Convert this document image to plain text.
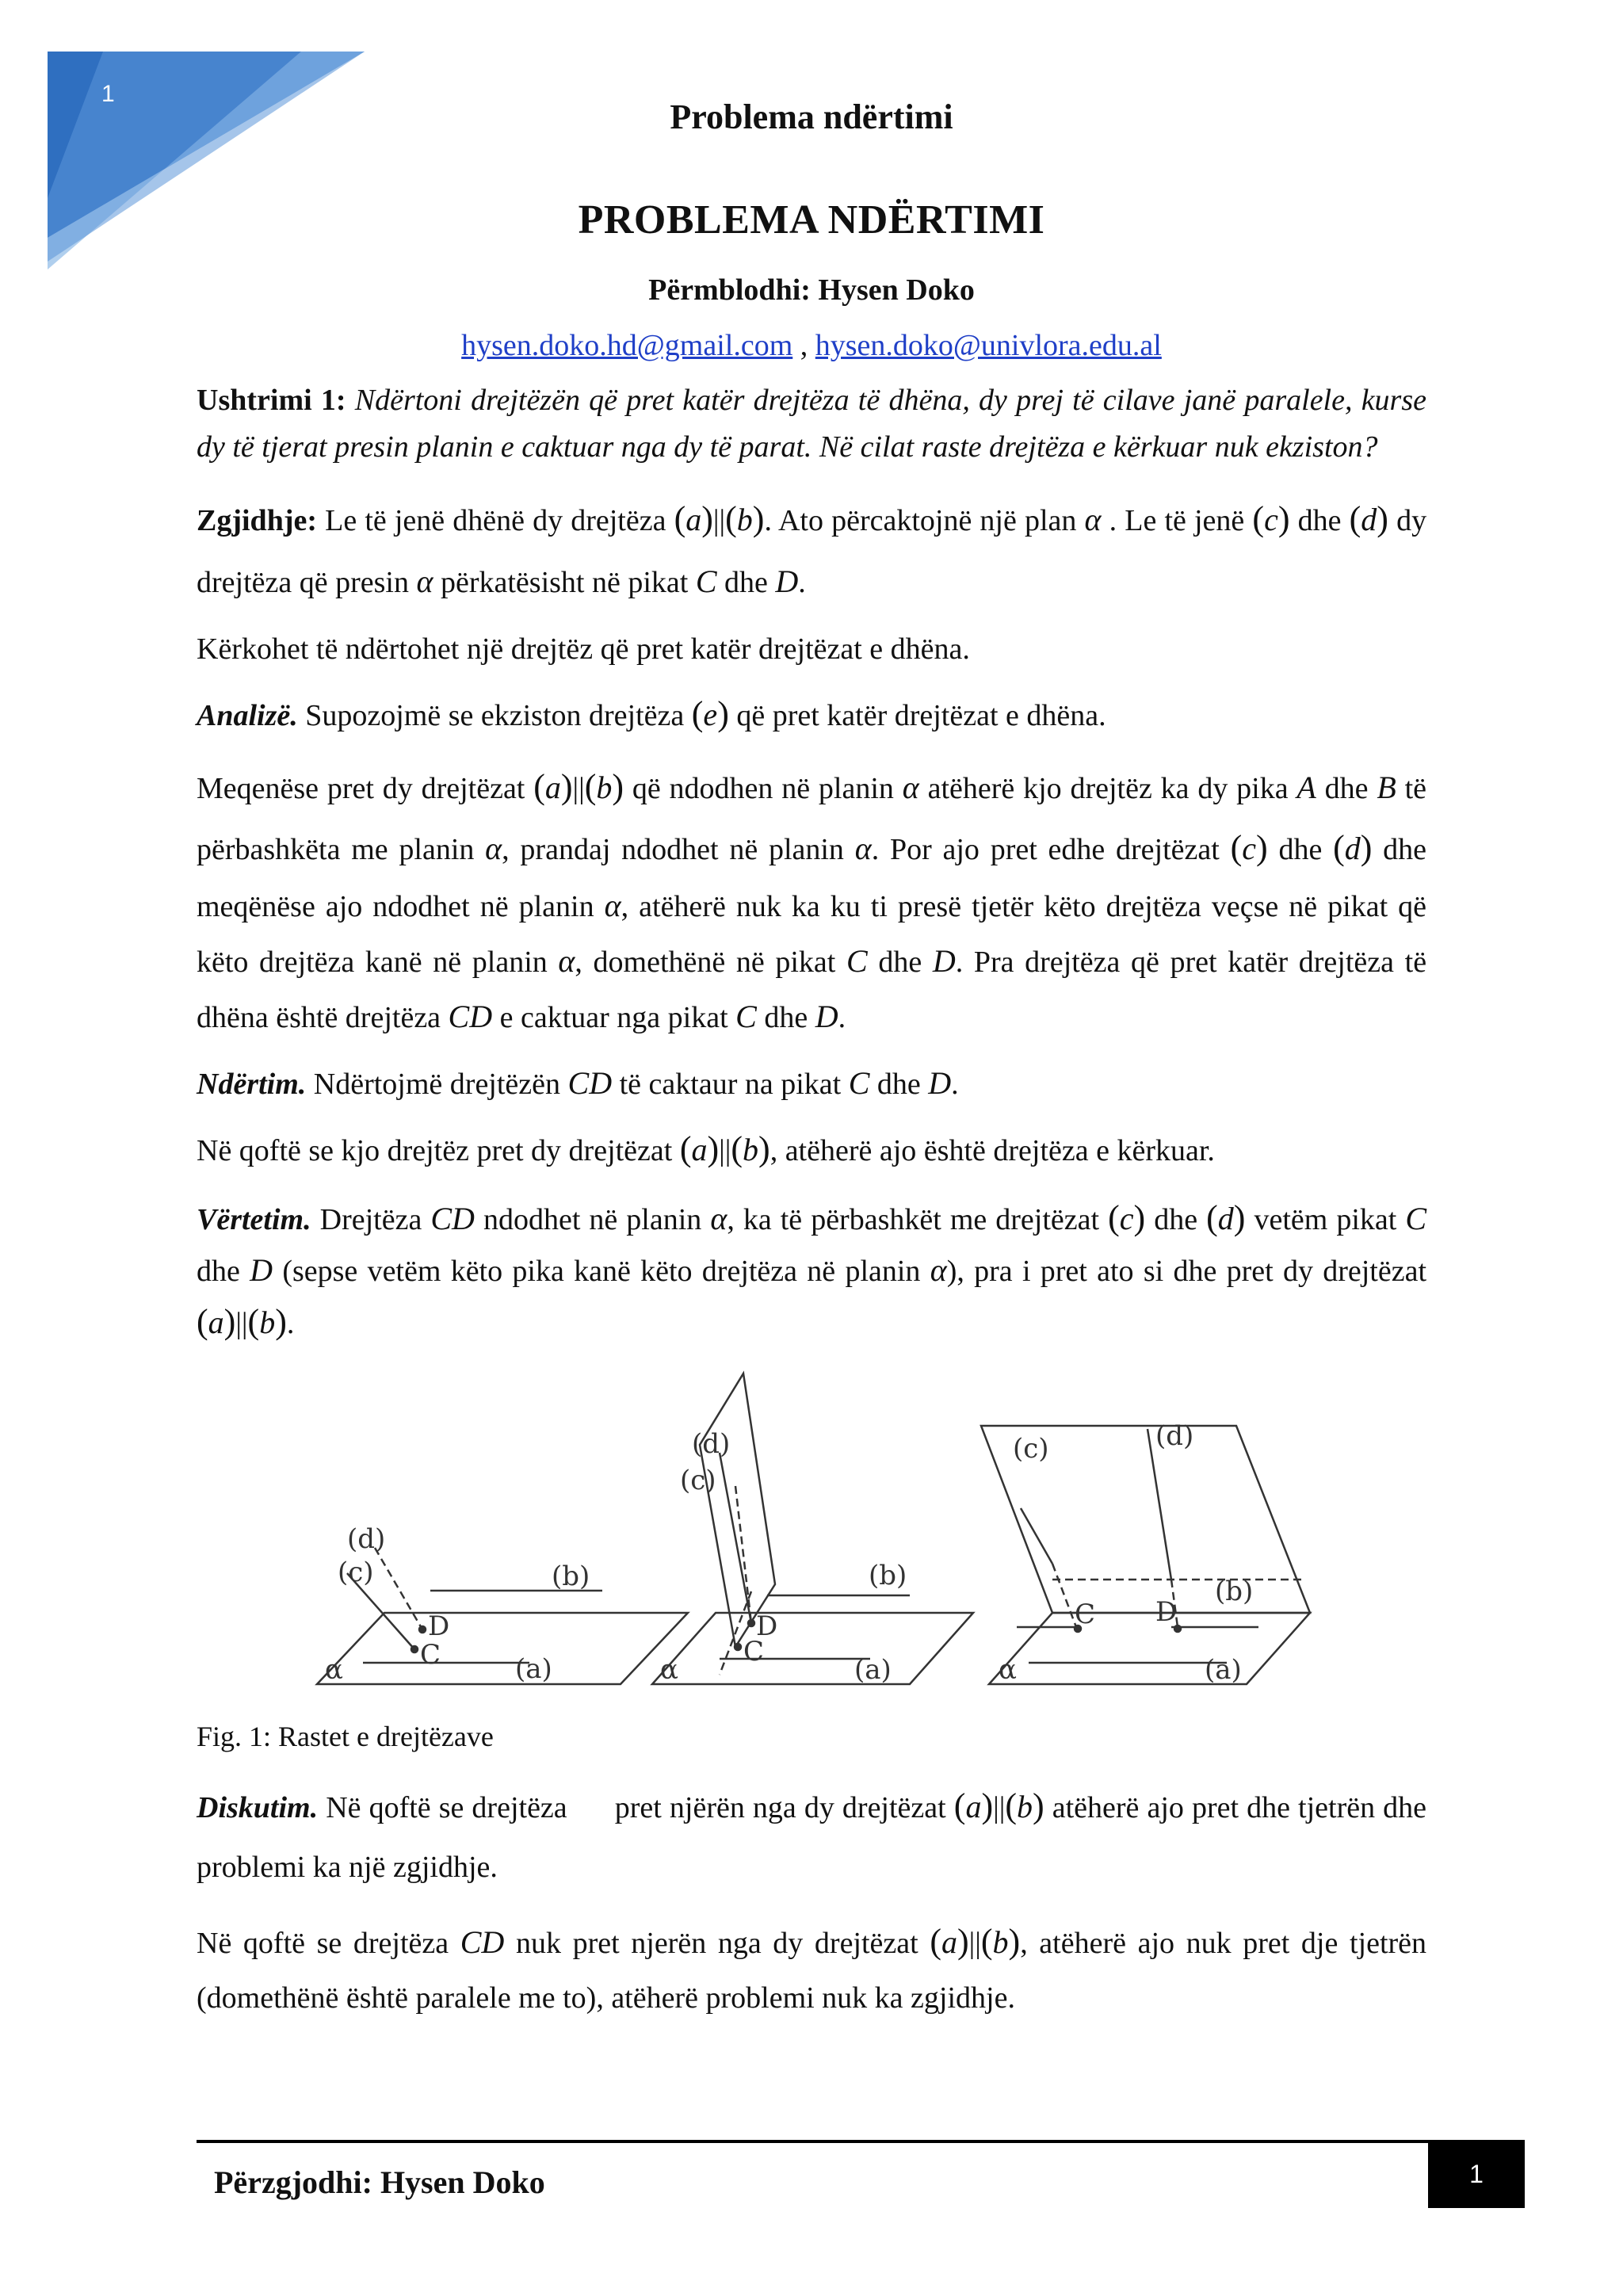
1
Problema ndërtimi
PROBLEMA NDËRTIMI
Përmblodhi: Hysen Doko
hysen.doko.hd@gmail.com , hysen.doko@univlora.edu.al

Ushtrimi 1: Ndërtoni drejtëzën që pret katër drejtëza të dhëna, dy prej të cilave janë paralele, kurse dy të tjerat presin planin e caktuar nga dy të parat. Në cilat raste drejtëza e kërkuar nuk ekziston?

Zgjidhje: Le të jenë dhënë dy drejtëza (a)||(b). Ato përcaktojnë një plan α . Le të jenë (c) dhe (d) dy drejtëza që presin α përkatësisht në pikat C dhe D.

Kërkohet të ndërtohet një drejtëz që pret katër drejtëzat e dhëna.

Analizë. Supozojmë se ekziston drejtëza (e) që pret katër drejtëzat e dhëna.

Meqenëse pret dy drejtëzat (a)||(b) që ndodhen në planin α atëherë kjo drejtëz ka dy pika A dhe B të përbashkëta me planin α, prandaj ndodhet në planin α. Por ajo pret edhe drejtëzat (c) dhe (d) dhe meqënëse ajo ndodhet në planin α, atëherë nuk ka ku ti presë tjetër këto drejtëza veçse në pikat që këto drejtëza kanë në planin α, domethënë në pikat C dhe D. Pra drejtëza që pret katër drejtëza të dhëna është drejtëza CD e caktuar nga pikat C dhe D.

Ndërtim. Ndërtojmë drejtëzën CD të caktaur na pikat C dhe D.

Në qoftë se kjo drejtëz pret dy drejtëzat (a)||(b), atëherë ajo është drejtëza e kërkuar.

Vërtetim. Drejtëza CD ndodhet në planin α, ka të përbashkët me drejtëzat (c) dhe (d) vetëm pikat C dhe D (sepse vetëm këto pika kanë këto drejtëza në planin α), pra i pret ato si dhe pret dy drejtëzat (a)||(b).

(d)
(c)	(b)
(a)
D
C
α
(d)
(c)
(b)
(a)
D
C
α
(d)
(c)
(b)
(a)
D
C
α

Fig. 1: Rastet e drejtëzave

Diskutim. Në qoftë se drejtëza pret njërën nga dy drejtëzat (a)||(b) atëherë ajo pret dhe tjetrën dhe problemi ka një zgjidhje.

Në qoftë se drejtëza CD nuk pret njerën nga dy drejtëzat (a)||(b), atëherë ajo nuk pret dje tjetrën (domethënë është paralele me to), atëherë problemi nuk ka zgjidhje.

Përzgjodhi: Hysen Doko	1
